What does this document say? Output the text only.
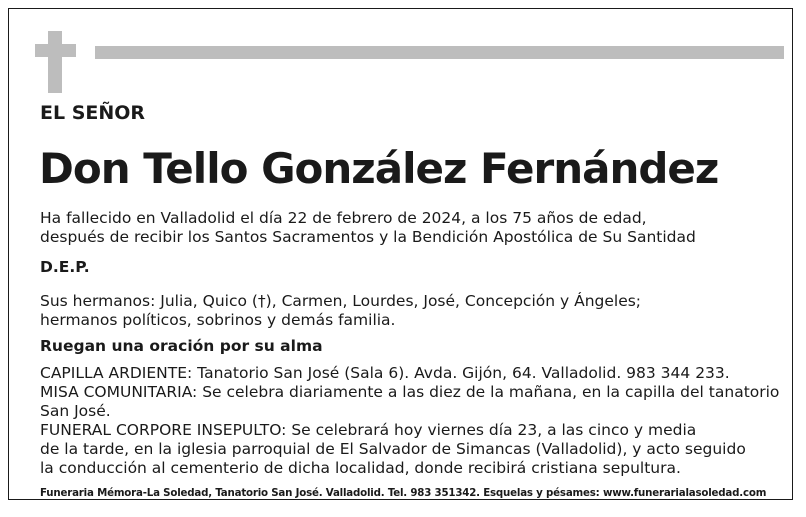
EL SEÑOR
Don Tello González Fernández
Ha fallecido en Valladolid el día 22 de febrero de 2024, a los 75 años de edad,
después de recibir los Santos Sacramentos y la Bendición Apostólica de Su Santidad
D.E.P.
Sus hermanos: Julia, Quico (†), Carmen, Lourdes, José, Concepción y Ángeles;
hermanos políticos, sobrinos y demás familia.
Ruegan una oración por su alma
CAPILLA ARDIENTE: Tanatorio San José (Sala 6). Avda. Gijón, 64. Valladolid. 983 344 233.
MISA COMUNITARIA: Se celebra diariamente a las diez de la mañana, en la capilla del tanatorio
San José.
FUNERAL CORPORE INSEPULTO: Se celebrará hoy viernes día 23, a las cinco y media
de la tarde, en la iglesia parroquial de El Salvador de Simancas (Valladolid), y acto seguido
la conducción al cementerio de dicha localidad, donde recibirá cristiana sepultura.
Funeraria Mémora-La Soledad, Tanatorio San José. Valladolid. Tel. 983 351342. Esquelas y pésames: www.funerarialasoledad.com
